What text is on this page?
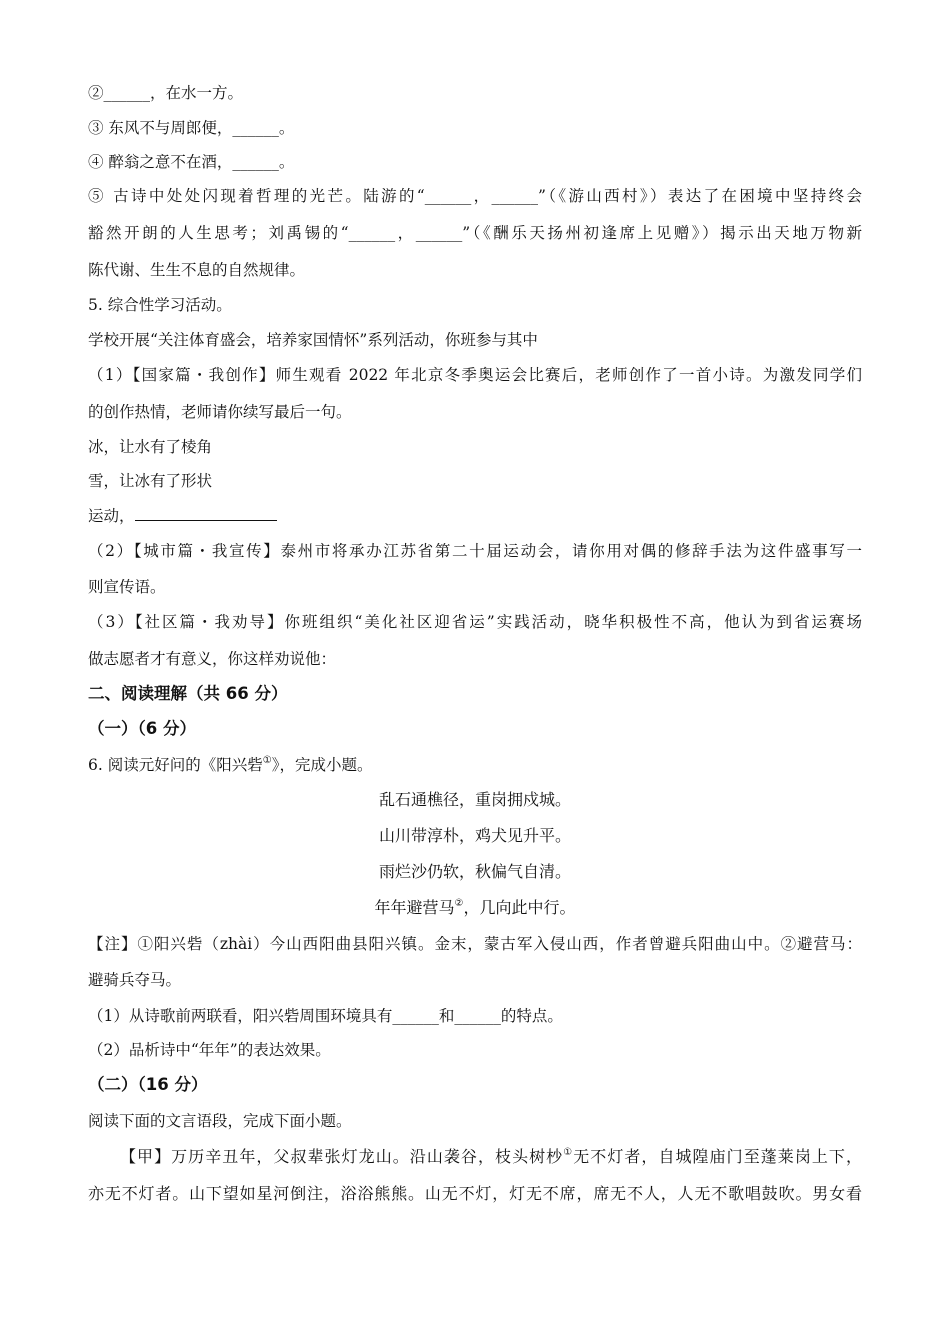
②______，在水一方。
③ 东风不与周郎便，______。
④ 醉翁之意不在酒，______。
⑤ 古诗中处处闪现着哲理的光芒。陆游的“______，______”（《游山西村》）表达了在困境中坚持终会
豁然开朗的人生思考；刘禹锡的“______，______”（《酬乐天扬州初逢席上见赠》）揭示出天地万物新
陈代谢、生生不息的自然规律。
5. 综合性学习活动。
学校开展“关注体育盛会，培养家国情怀”系列活动，你班参与其中
（1）【国家篇・我创作】师生观看 2022 年北京冬季奥运会比赛后，老师创作了一首小诗。为激发同学们
的创作热情，老师请你续写最后一句。
冰，让水有了棱角
雪，让冰有了形状
运动，
（2）【城市篇・我宣传】泰州市将承办江苏省第二十届运动会，请你用对偶的修辞手法为这件盛事写一
则宣传语。
（3）【社区篇・我劝导】你班组织“美化社区迎省运”实践活动，晓华积极性不高，他认为到省运赛场
做志愿者才有意义，你这样劝说他：
二、阅读理解（共 66 分）
（一）（6 分）
6. 阅读元好问的《阳兴砦①》，完成小题。
乱石通樵径，重岗拥戍城。
山川带淳朴，鸡犬见升平。
雨烂沙仍软，秋偏气自清。
年年避营马②，几向此中行。
【注】①阳兴砦（zhài）今山西阳曲县阳兴镇。金末，蒙古军入侵山西，作者曾避兵阳曲山中。②避营马：
避骑兵夺马。
（1）从诗歌前两联看，阳兴砦周围环境具有______和______的特点。
（2）品析诗中“年年”的表达效果。
（二）（16 分）
阅读下面的文言语段，完成下面小题。
【甲】万历辛丑年，父叔辈张灯龙山。沿山袭谷，枝头树杪①无不灯者，自城隍庙门至蓬莱岗上下，
亦无不灯者。山下望如星河倒注，浴浴熊熊。山无不灯，灯无不席，席无不人，人无不歌唱鼓吹。男女看
